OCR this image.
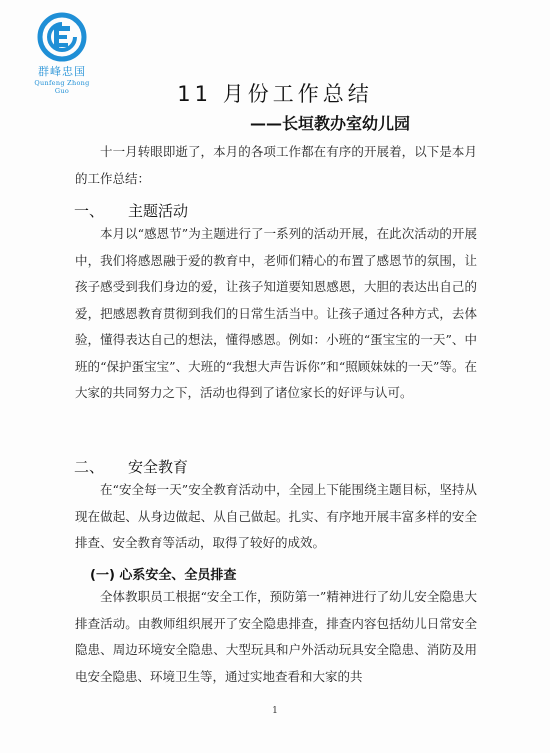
群峰忠国
Qunfeng Zhong Guo	11 月份工作总结
——长垣教办室幼儿园
十一月转眼即逝了，本月的各项工作都在有序的开展着，以下是本月的工作总结：
一、 主题活动
本月以“感恩节”为主题进行了一系列的活动开展，在此次活动的开展中，我们将感恩融于爱的教育中，老师们精心的布置了感恩节的氛围，让孩子感受到我们身边的爱，让孩子知道要知恩感恩，大胆的表达出自己的爱，把感恩教育贯彻到我们的日常生活当中。让孩子通过各种方式，去体验，懂得表达自己的想法，懂得感恩。例如：小班的“蛋宝宝的一天”、中班的“保护蛋宝宝”、大班的“我想大声告诉你”和“照顾妹妹的一天”等。在大家的共同努力之下，活动也得到了诸位家长的好评与认可。
二、 安全教育
在“安全每一天”安全教育活动中，全园上下能围绕主题目标，坚持从现在做起、从身边做起、从自己做起。扎实、有序地开展丰富多样的安全排查、安全教育等活动，取得了较好的成效。
(一) 心系安全、全员排查
全体教职员工根据“安全工作，预防第一”精神进行了幼儿安全隐患大排查活动。由教师组织展开了安全隐患排查，排查内容包括幼儿日常安全隐患、周边环境安全隐患、大型玩具和户外活动玩具安全隐患、消防及用电安全隐患、环境卫生等，通过实地查看和大家的共
1
